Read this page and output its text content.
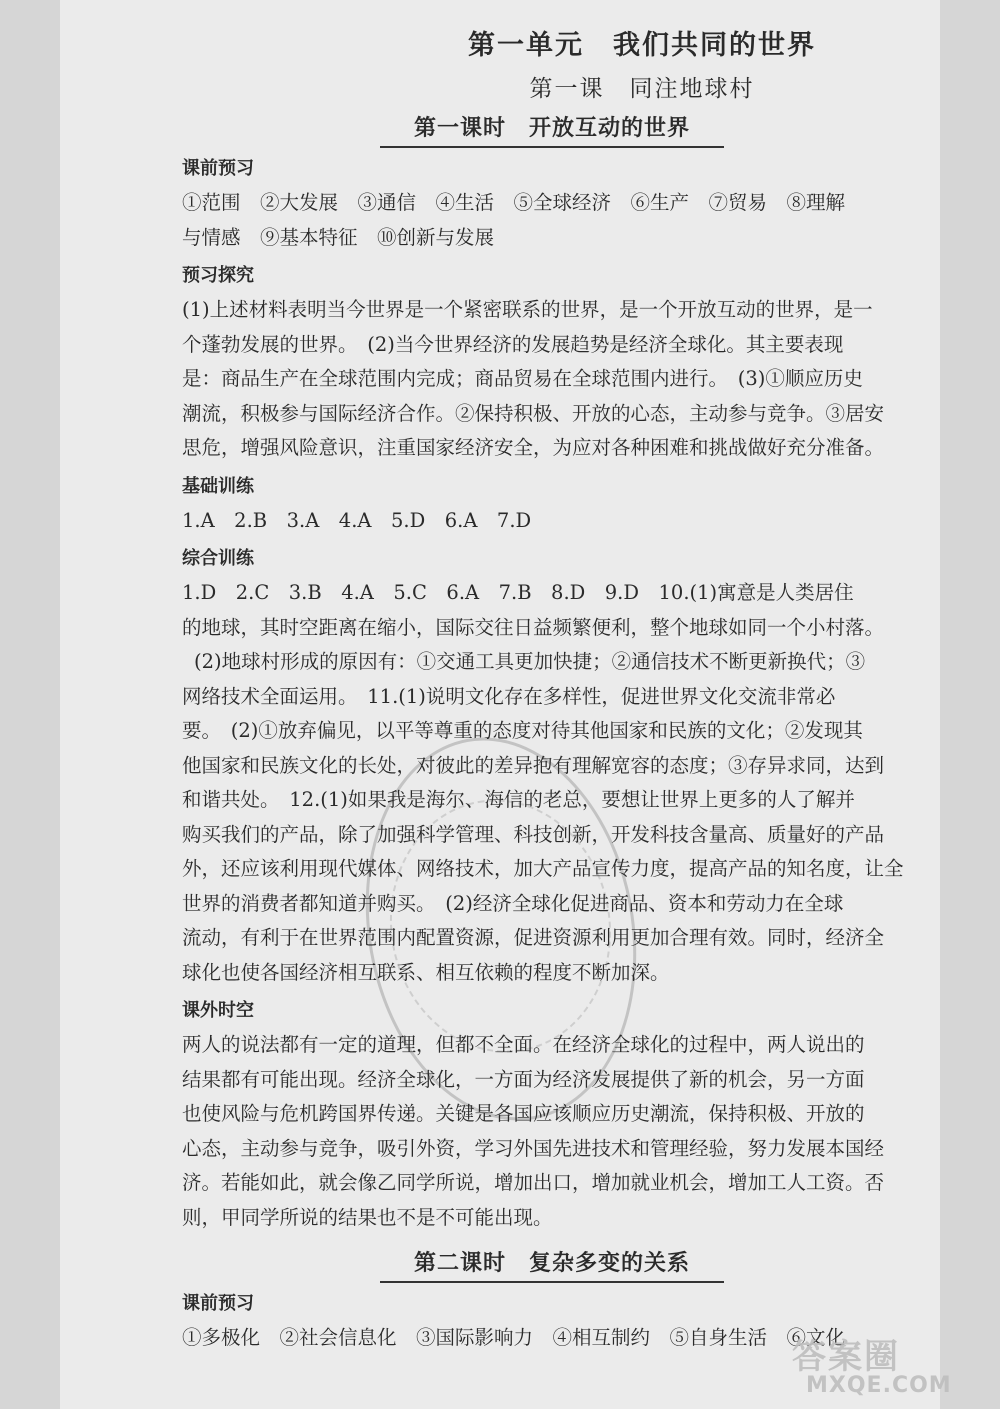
第一单元　我们共同的世界
第一课　同注地球村
第一课时　开放互动的世界
课前预习
①范围　②大发展　③通信　④生活　⑤全球经济　⑥生产　⑦贸易　⑧理解
与情感　⑨基本特征　⑩创新与发展
预习探究
(1)上述材料表明当今世界是一个紧密联系的世界，是一个开放互动的世界，是一
个蓬勃发展的世界。　(2)当今世界经济的发展趋势是经济全球化。其主要表现
是：商品生产在全球范围内完成；商品贸易在全球范围内进行。　(3)①顺应历史
潮流，积极参与国际经济合作。②保持积极、开放的心态，主动参与竞争。③居安
思危，增强风险意识，注重国家经济安全，为应对各种困难和挑战做好充分准备。
基础训练
1.A　2.B　3.A　4.A　5.D　6.A　7.D
综合训练
1.D　2.C　3.B　4.A　5.C　6.A　7.B　8.D　9.D　10.(1)寓意是人类居住
的地球，其时空距离在缩小，国际交往日益频繁便利，整个地球如同一个小村落。
(2)地球村形成的原因有：①交通工具更加快捷；②通信技术不断更新换代；③
网络技术全面运用。　11.(1)说明文化存在多样性，促进世界文化交流非常必
要。　(2)①放弃偏见，以平等尊重的态度对待其他国家和民族的文化；②发现其
他国家和民族文化的长处，对彼此的差异抱有理解宽容的态度；③存异求同，达到
和谐共处。　12.(1)如果我是海尔、海信的老总，要想让世界上更多的人了解并
购买我们的产品，除了加强科学管理、科技创新，开发科技含量高、质量好的产品
外，还应该利用现代媒体、网络技术，加大产品宣传力度，提高产品的知名度，让全
世界的消费者都知道并购买。　(2)经济全球化促进商品、资本和劳动力在全球
流动，有利于在世界范围内配置资源，促进资源利用更加合理有效。同时，经济全
球化也使各国经济相互联系、相互依赖的程度不断加深。
课外时空
两人的说法都有一定的道理，但都不全面。在经济全球化的过程中，两人说出的
结果都有可能出现。经济全球化，一方面为经济发展提供了新的机会，另一方面
也使风险与危机跨国界传递。关键是各国应该顺应历史潮流，保持积极、开放的
心态，主动参与竞争，吸引外资，学习外国先进技术和管理经验，努力发展本国经
济。若能如此，就会像乙同学所说，增加出口，增加就业机会，增加工人工资。否
则，甲同学所说的结果也不是不可能出现。
第二课时　复杂多变的关系
课前预习
①多极化　②社会信息化　③国际影响力　④相互制约　⑤自身生活　⑥文化
答案圈
MXQE.COM
